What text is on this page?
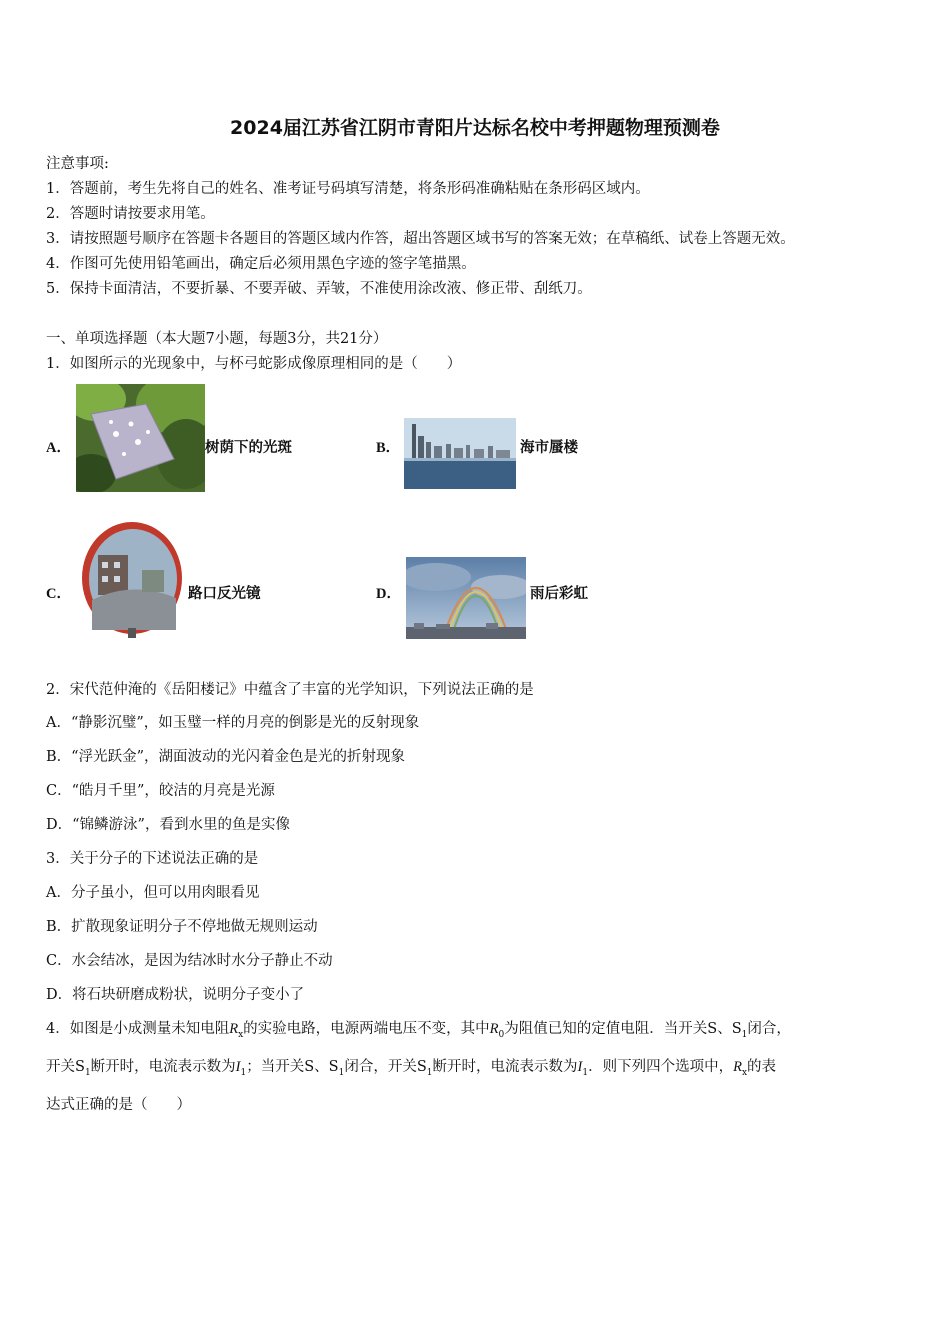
2024届江苏省江阴市青阳片达标名校中考押题物理预测卷
注意事项:
1．答题前，考生先将自己的姓名、准考证号码填写清楚，将条形码准确粘贴在条形码区域内。
2．答题时请按要求用笔。
3．请按照题号顺序在答题卡各题目的答题区域内作答，超出答题区域书写的答案无效；在草稿纸、试卷上答题无效。
4．作图可先使用铅笔画出，确定后必须用黑色字迹的签字笔描黑。
5．保持卡面清洁，不要折暴、不要弄破、弄皱，不准使用涂改液、修正带、刮纸刀。
一、单项选择题（本大题7小题，每题3分，共21分）
1．如图所示的光现象中，与杯弓蛇影成像原理相同的是（　　）
A．	树荫下的光斑	B．	海市蜃楼
C．	路口反光镜	D．	雨后彩虹
2．宋代范仲淹的《岳阳楼记》中蕴含了丰富的光学知识，下列说法正确的是
A．“静影沉璧”，如玉璧一样的月亮的倒影是光的反射现象
B．“浮光跃金”，湖面波动的光闪着金色是光的折射现象
C．“皓月千里”，皎洁的月亮是光源
D．“锦鳞游泳”，看到水里的鱼是实像
3．关于分子的下述说法正确的是
A．分子虽小，但可以用肉眼看见
B．扩散现象证明分子不停地做无规则运动
C．水会结冰，是因为结冰时水分子静止不动
D．将石块研磨成粉状，说明分子变小了
4．如图是小成测量未知电阻$R_x$的实验电路，电源两端电压不变，其中$R_0$为阻值已知的定值电阻．当开关S、$S_1$闭合，
开关$S_1$断开时，电流表示数为$I_1$；当开关S、$S_1$闭合，开关$S_1$断开时，电流表示数为$I_1$．则下列四个选项中，$R_x$的表
达式正确的是（　　）
